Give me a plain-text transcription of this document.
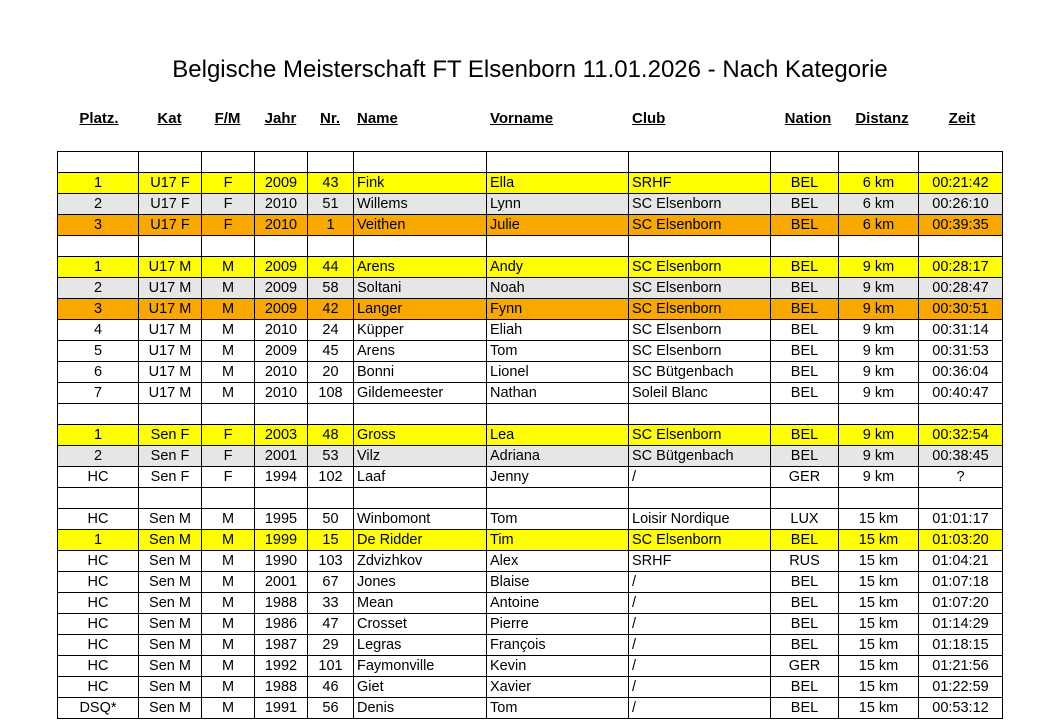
Belgische Meisterschaft FT Elsenborn 11.01.2026 - Nach Kategorie
Platz.	Kat	F/M	Jahr	Nr.	Name	Vorname	Club	Nation	Distanz	Zeit

1	U17 F	F	2009	43	Fink	Ella	SRHF	BEL	6 km	00:21:42
2	U17 F	F	2010	51	Willems	Lynn	SC Elsenborn	BEL	6 km	00:26:10
3	U17 F	F	2010	1	Veithen	Julie	SC Elsenborn	BEL	6 km	00:39:35

1	U17 M	M	2009	44	Arens	Andy	SC Elsenborn	BEL	9 km	00:28:17
2	U17 M	M	2009	58	Soltani	Noah	SC Elsenborn	BEL	9 km	00:28:47
3	U17 M	M	2009	42	Langer	Fynn	SC Elsenborn	BEL	9 km	00:30:51
4	U17 M	M	2010	24	Küpper	Eliah	SC Elsenborn	BEL	9 km	00:31:14
5	U17 M	M	2009	45	Arens	Tom	SC Elsenborn	BEL	9 km	00:31:53
6	U17 M	M	2010	20	Bonni	Lionel	SC Bütgenbach	BEL	9 km	00:36:04
7	U17 M	M	2010	108	Gildemeester	Nathan	Soleil Blanc	BEL	9 km	00:40:47

1	Sen F	F	2003	48	Gross	Lea	SC Elsenborn	BEL	9 km	00:32:54
2	Sen F	F	2001	53	Vilz	Adriana	SC Bütgenbach	BEL	9 km	00:38:45
HC	Sen F	F	1994	102	Laaf	Jenny	/	GER	9 km	?

HC	Sen M	M	1995	50	Winbomont	Tom	Loisir Nordique	LUX	15 km	01:01:17
1	Sen M	M	1999	15	De Ridder	Tim	SC Elsenborn	BEL	15 km	01:03:20
HC	Sen M	M	1990	103	Zdvizhkov	Alex	SRHF	RUS	15 km	01:04:21
HC	Sen M	M	2001	67	Jones	Blaise	/	BEL	15 km	01:07:18
HC	Sen M	M	1988	33	Mean	Antoine	/	BEL	15 km	01:07:20
HC	Sen M	M	1986	47	Crosset	Pierre	/	BEL	15 km	01:14:29
HC	Sen M	M	1987	29	Legras	François	/	BEL	15 km	01:18:15
HC	Sen M	M	1992	101	Faymonville	Kevin	/	GER	15 km	01:21:56
HC	Sen M	M	1988	46	Giet	Xavier	/	BEL	15 km	01:22:59
DSQ*	Sen M	M	1991	56	Denis	Tom	/	BEL	15 km	00:53:12
